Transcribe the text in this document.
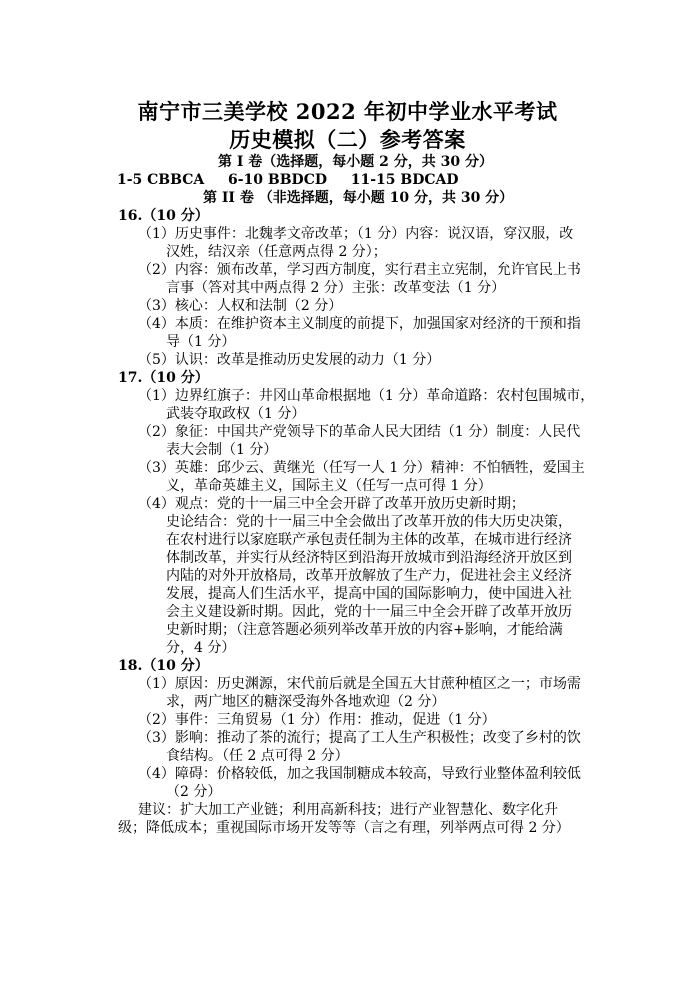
南宁市三美学校 2022 年初中学业水平考试
历史模拟（二）参考答案
第 I 卷（选择题，每小题 2 分，共 30 分）
1-5 CBBCA　  6-10 BBDCD　  11-15 BDCAD
第 II 卷 （非选择题，每小题 10 分，共 30 分）
16.（10 分）
（1）历史事件：北魏孝文帝改革；（1 分）内容：说汉语，穿汉服，改
汉姓，结汉亲（任意两点得 2 分）；
（2）内容：颁布改革，学习西方制度，实行君主立宪制，允许官民上书
言事（答对其中两点得 2 分）主张：改革变法（1 分）
（3）核心：人权和法制（2 分）
（4）本质：在维护资本主义制度的前提下，加强国家对经济的干预和指
导（1 分）
（5）认识：改革是推动历史发展的动力（1 分）
17.（10 分）
（1）边界红旗子：井冈山革命根据地（1 分）革命道路：农村包围城市，
武装夺取政权（1 分）
（2）象征：中国共产党领导下的革命人民大团结（1 分）制度：人民代
表大会制（1 分）
（3）英雄：邱少云、黄继光（任写一人 1 分）精神：不怕牺牲，爱国主
义，革命英雄主义，国际主义（任写一点可得 1 分）
（4）观点：党的十一届三中全会开辟了改革开放历史新时期；
史论结合：党的十一届三中全会做出了改革开放的伟大历史决策，
在农村进行以家庭联产承包责任制为主体的改革，在城市进行经济
体制改革，并实行从经济特区到沿海开放城市到沿海经济开放区到
内陆的对外开放格局，改革开放解放了生产力，促进社会主义经济
发展，提高人们生活水平，提高中国的国际影响力，使中国进入社
会主义建设新时期。因此，党的十一届三中全会开辟了改革开放历
史新时期；（注意答题必须列举改革开放的内容+影响，才能给满
分，4 分）
18.（10 分）
（1）原因：历史渊源，宋代前后就是全国五大甘蔗种植区之一；市场需
求，两广地区的糖深受海外各地欢迎（2 分）
（2）事件：三角贸易（1 分）作用：推动，促进（1 分）
（3）影响：推动了茶的流行；提高了工人生产积极性；改变了乡村的饮
食结构。（任 2 点可得 2 分）
（4）障碍：价格较低，加之我国制糖成本较高，导致行业整体盈利较低
（2 分）
建议：扩大加工产业链；利用高新科技；进行产业智慧化、数字化升
级；降低成本；重视国际市场开发等等（言之有理，列举两点可得 2 分）
